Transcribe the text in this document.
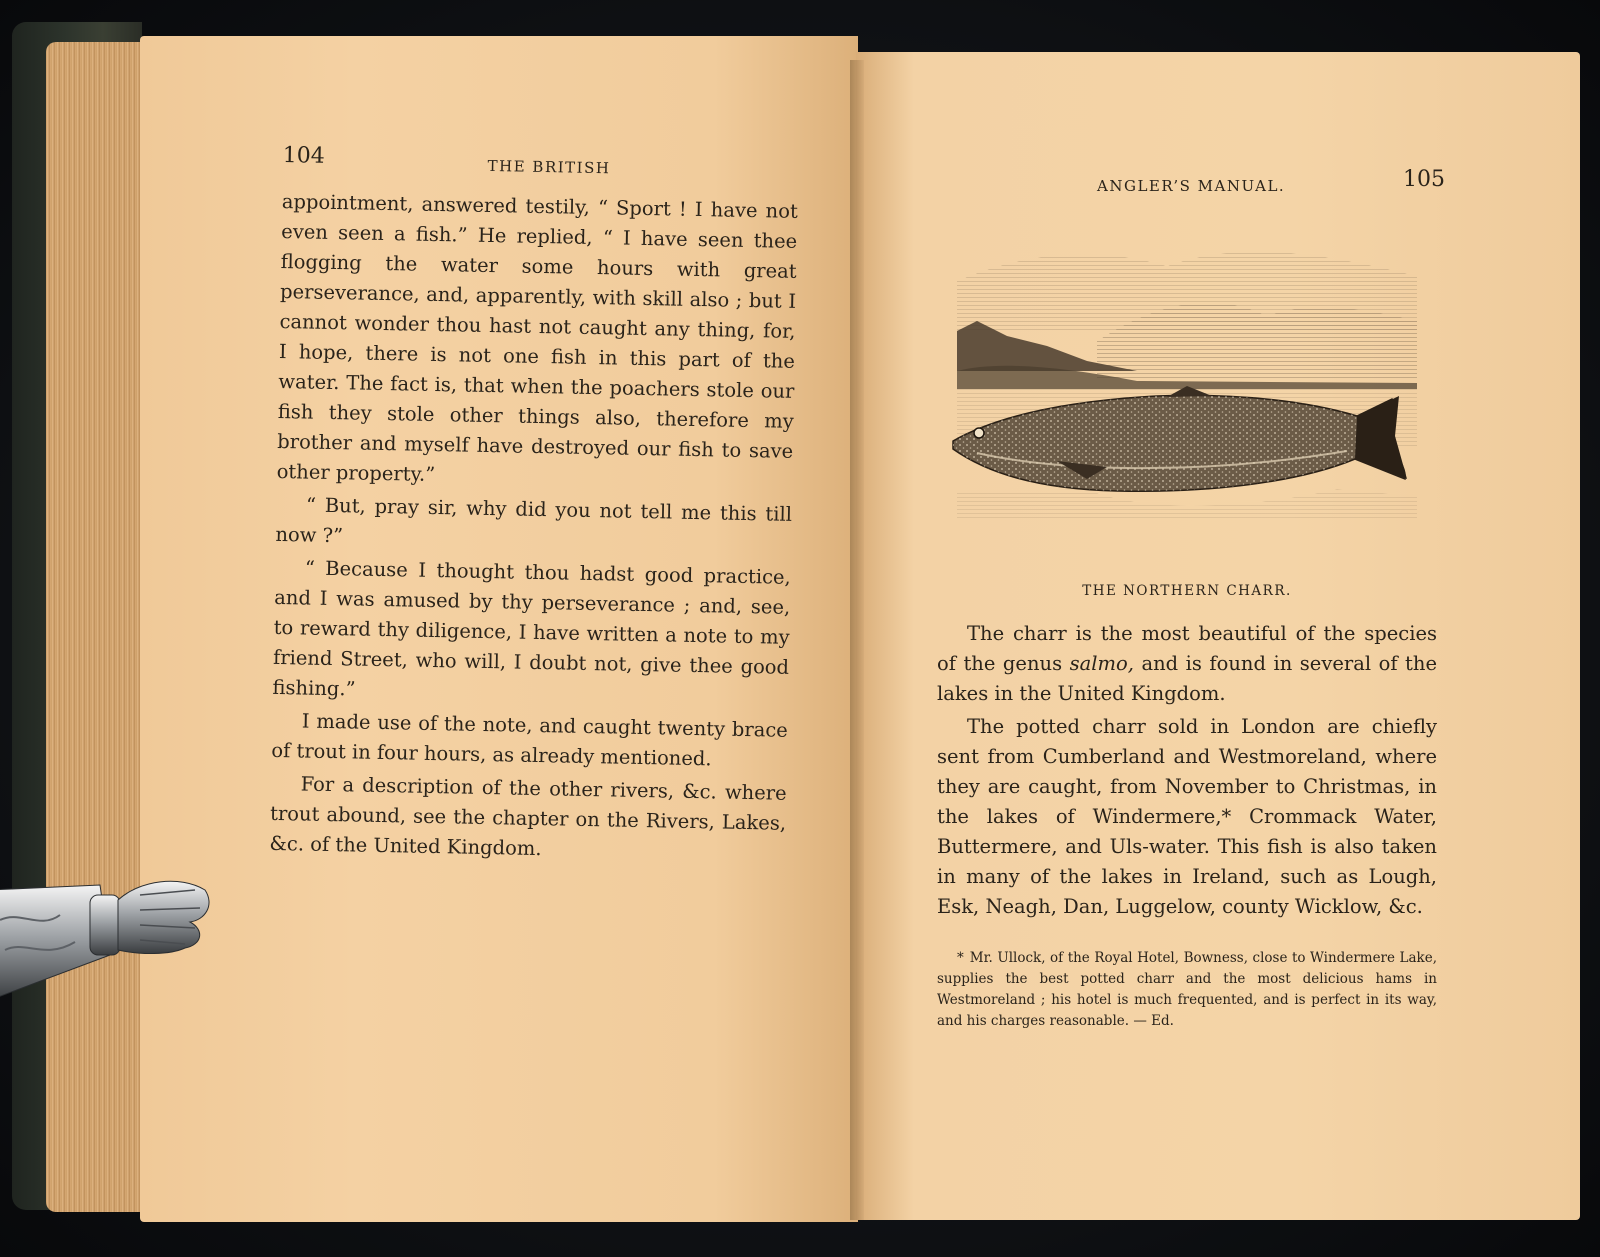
104	THE BRITISH

appointment, answered testily, “ Sport ! I have not even seen a fish.” He replied, “ I have seen thee flogging the water some hours with great perseverance, and, apparently, with skill also ; but I cannot wonder thou hast not caught any thing, for, I hope, there is not one fish in this part of the water. The fact is, that when the poachers stole our fish they stole other things also, therefore my brother and myself have destroyed our fish to save other property.”

“ But, pray sir, why did you not tell me this till now ?”

“ Because I thought thou hadst good practice, and I was amused by thy perseverance ; and, see, to reward thy diligence, I have written a note to my friend Street, who will, I doubt not, give thee good fishing.”

I made use of the note, and caught twenty brace of trout in four hours, as already mentioned.

For a description of the other rivers, &c. where trout abound, see the chapter on the Rivers, Lakes, &c. of the United Kingdom.

ANGLER’S MANUAL.	105
THE NORTHERN CHARR.

The charr is the most beautiful of the species of the genus salmo, and is found in several of the lakes in the United Kingdom.

The potted charr sold in London are chiefly sent from Cumberland and Westmoreland, where they are caught, from November to Christmas, in the lakes of Windermere,* Crommack Water, Buttermere, and Uls-water. This fish is also taken in many of the lakes in Ireland, such as Lough, Esk, Neagh, Dan, Luggelow, county Wicklow, &c.

* Mr. Ullock, of the Royal Hotel, Bowness, close to Windermere Lake, supplies the best potted charr and the most delicious hams in Westmoreland ; his hotel is much frequented, and is perfect in its way, and his charges reasonable. — Ed.
